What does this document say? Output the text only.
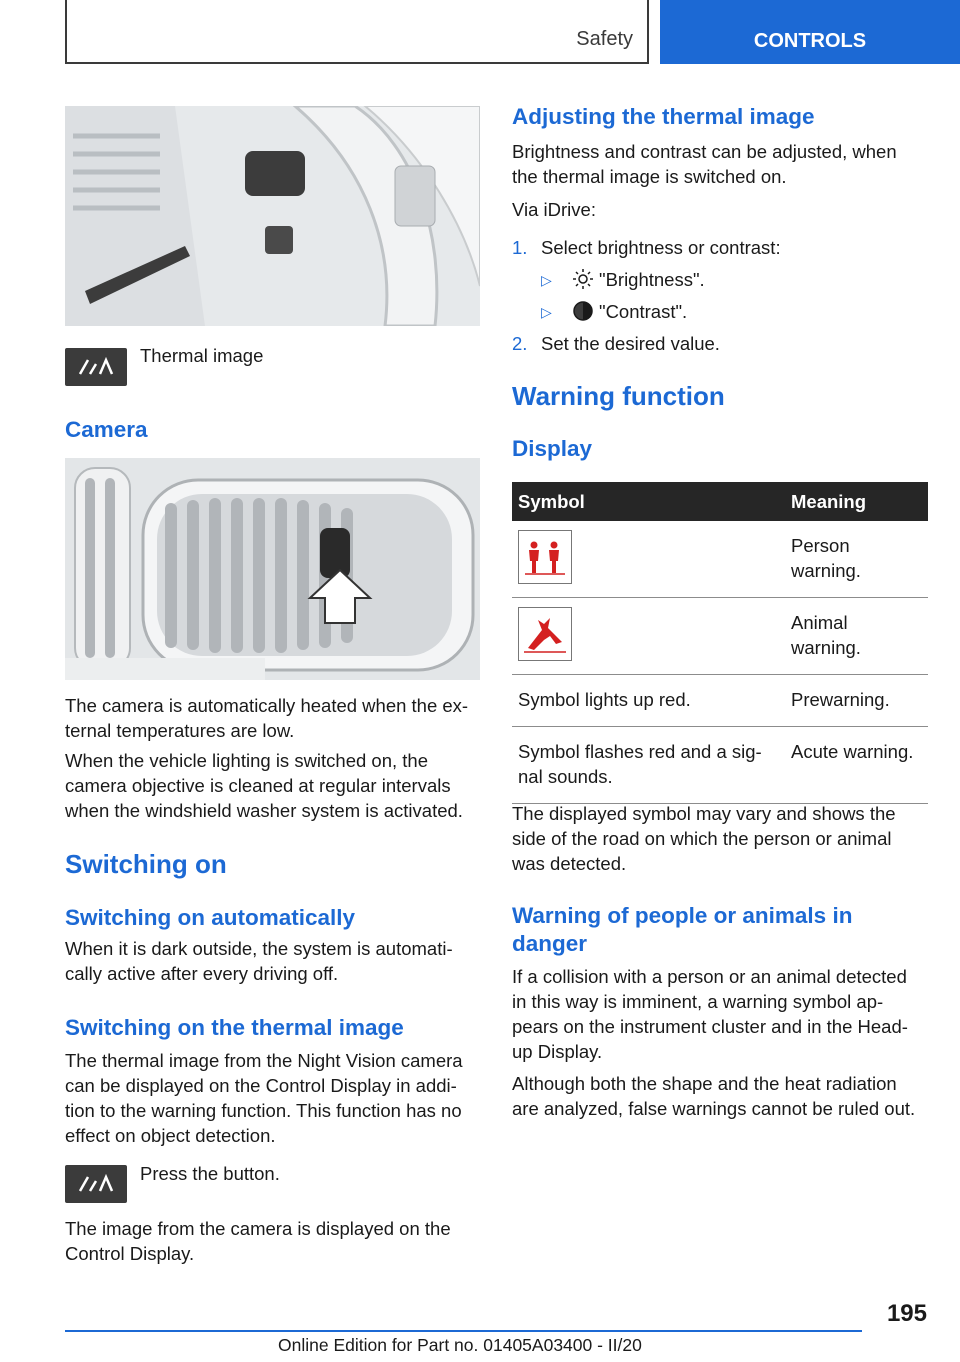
Safety	CONTROLS

Thermal image

Camera

The camera is automatically heated when the ex-
ternal temperatures are low.

When the vehicle lighting is switched on, the
camera objective is cleaned at regular intervals
when the windshield washer system is activated.

Switching on
Switching on automatically

When it is dark outside, the system is automati-
cally active after every driving off.

Switching on the thermal image

The thermal image from the Night Vision camera
can be displayed on the Control Display in addi-
tion to the warning function. This function has no
effect on object detection.

Press the button.

The image from the camera is displayed on the
Control Display.

Adjusting the thermal image

Brightness and contrast can be adjusted, when
the thermal image is switched on.

Via iDrive:

1. Select brightness or contrast:

▷	"Brightness".

▷	"Contrast".

2. Set the desired value.

Warning function
Display
Symbol	Meaning

	Person warning.

	Animal warning.
Symbol lights up red.	Prewarning.
Symbol flashes red and a sig-
nal sounds.	Acute warning.

The displayed symbol may vary and shows the
side of the road on which the person or animal
was detected.

Warning of people or animals in
danger

If a collision with a person or an animal detected
in this way is imminent, a warning symbol ap-
pears on the instrument cluster and in the Head-
up Display.

Although both the shape and the heat radiation
are analyzed, false warnings cannot be ruled out.

195
Online Edition for Part no. 01405A03400 - II/20
